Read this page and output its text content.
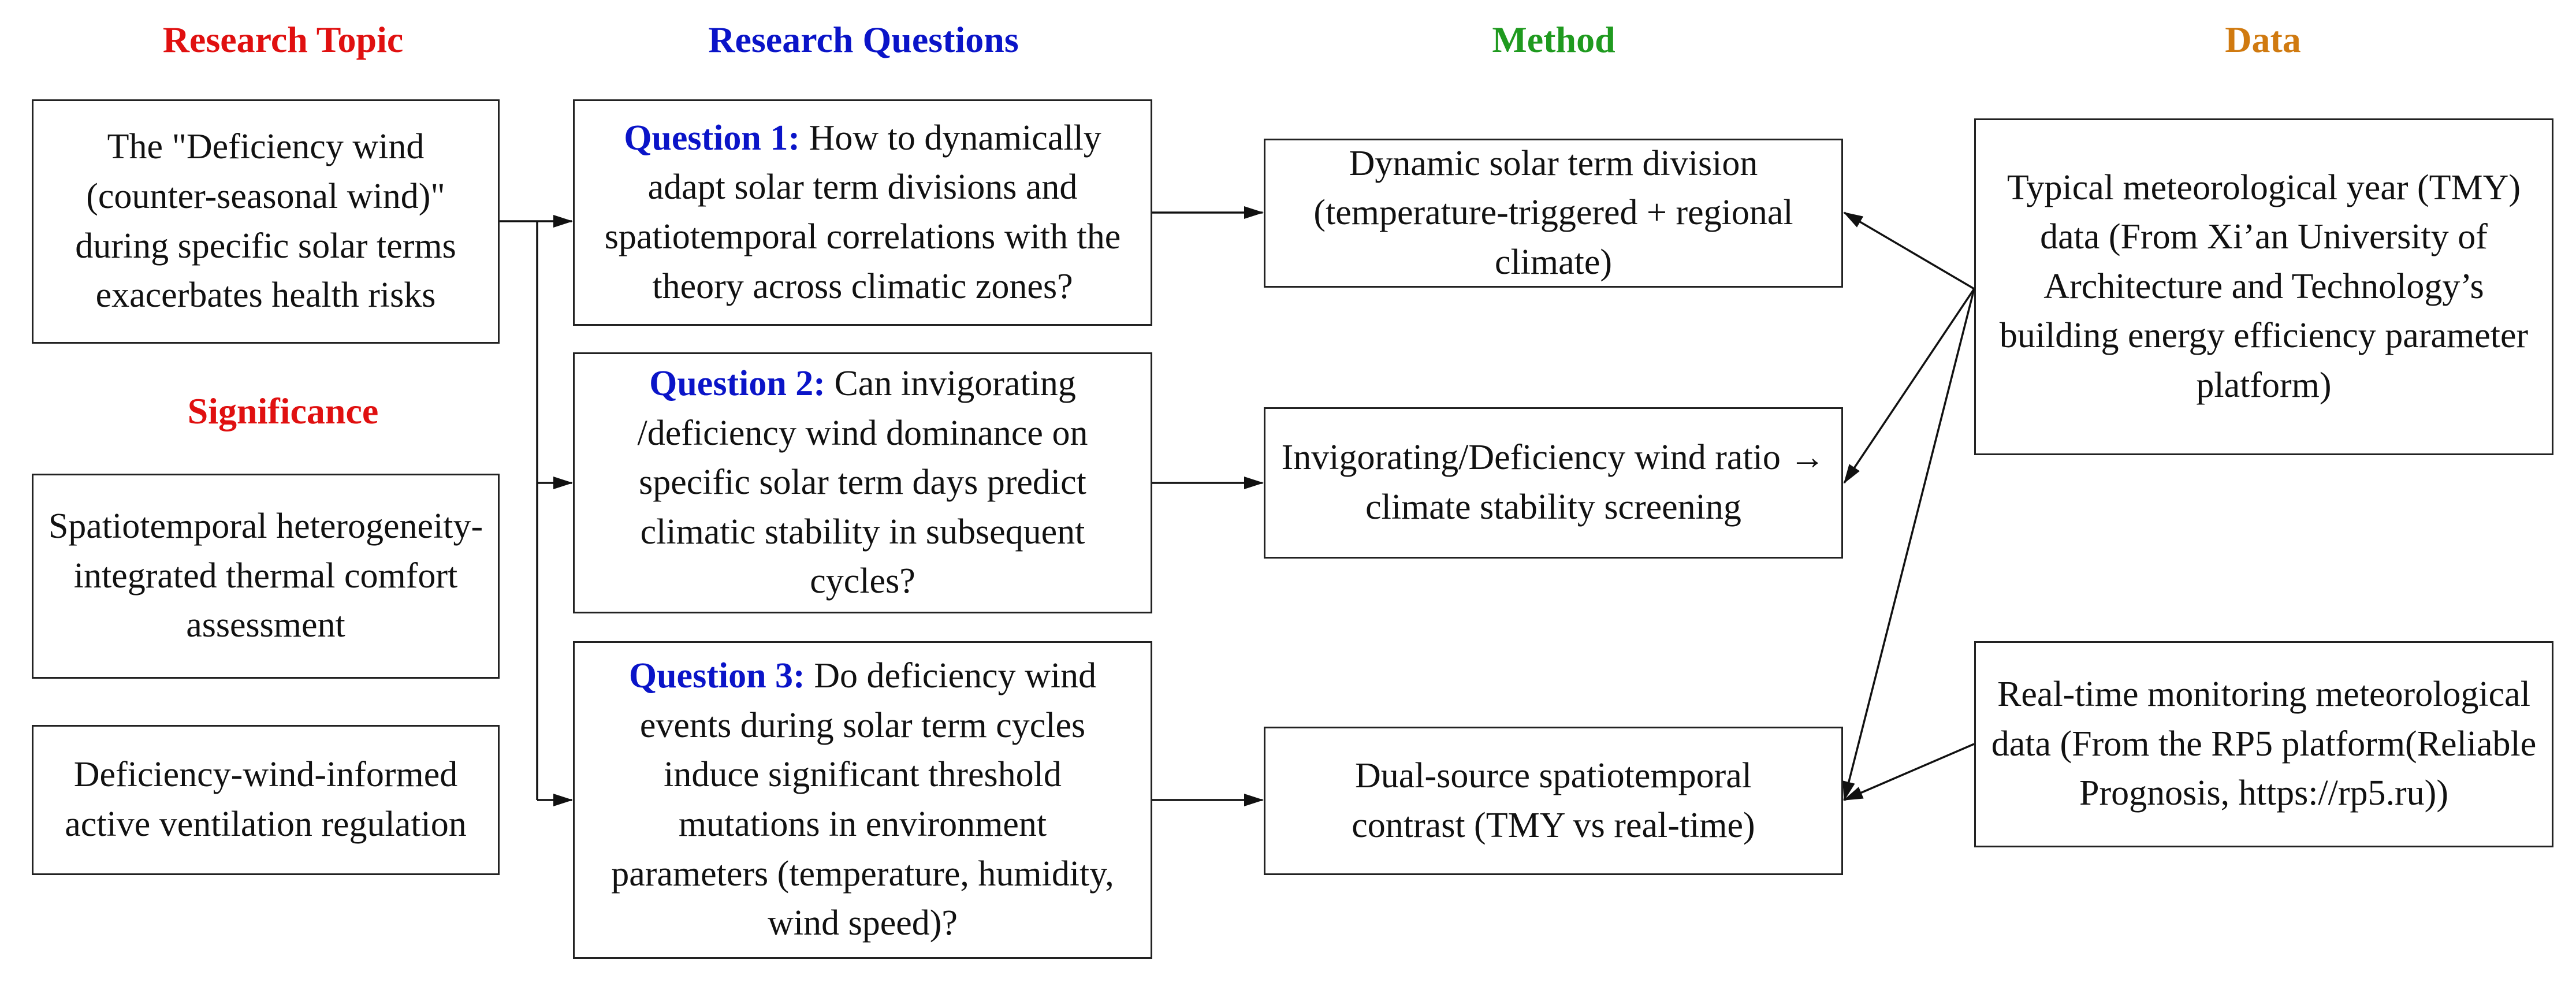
Research Topic	Research Questions	Method	Data
Significance
The "Deficiency wind (counter-seasonal wind)" during specific solar terms exacerbates health risks
Spatiotemporal heterogeneity-integrated thermal comfort assessment
Deficiency-wind-informed active ventilation regulation
Question 1: How to dynamically adapt solar term divisions and spatiotemporal correlations with the theory across climatic zones?
Question 2: Can invigorating /deficiency wind dominance on specific solar term days predict climatic stability in subsequent cycles?
Question 3: Do deficiency wind events during solar term cycles induce significant threshold mutations in environment parameters (temperature, humidity, wind speed)?
Dynamic solar term division (temperature-triggered + regional climate)
Invigorating/Deficiency wind ratio → climate stability screening
Dual-source spatiotemporal contrast (TMY vs real-time)
Typical meteorological year (TMY) data (From Xi’an University of Architecture and Technology’s building energy efficiency parameter platform)
Real-time monitoring meteorological data (From the RP5 platform(Reliable Prognosis, https://rp5.ru))
